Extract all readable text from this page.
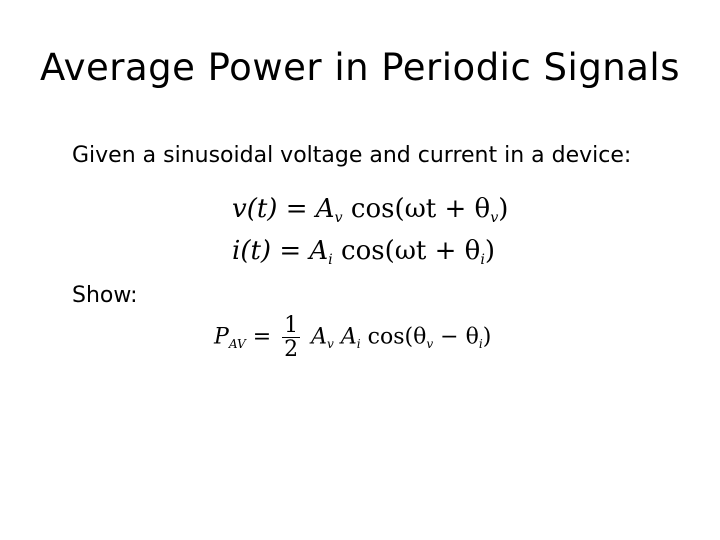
Average Power in Periodic Signals
Given a sinusoidal voltage and current in a device:
$v(t) = A_v$ $\cos(\omega t + \theta_v)$
$i(t) = A_i$ $\cos(\omega t + \theta_i)$
Show:
$P_{AV} = \frac{1}{2} A_v$ $A_i$ $\cos(\theta_v - \theta_i)$
